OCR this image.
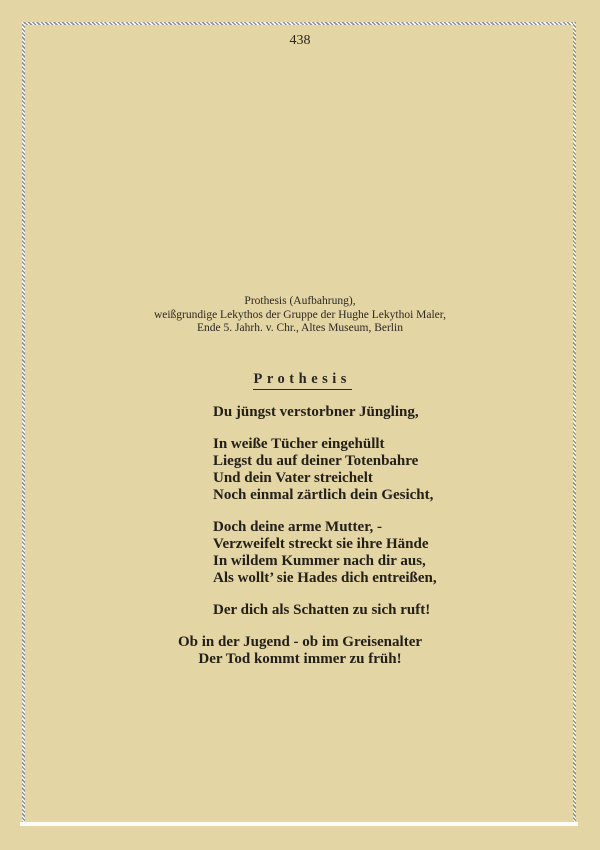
438
Prothesis (Aufbahrung),
weißgrundige Lekythos der Gruppe der Hughe Lekythoi Maler,
Ende 5. Jahrh. v. Chr., Altes Museum, Berlin
Prothesis
Du jüngst verstorbner Jüngling,
In weiße Tücher eingehüllt
Liegst du auf deiner Totenbahre
Und dein Vater streichelt
Noch einmal zärtlich dein Gesicht,
Doch deine arme Mutter, -
Verzweifelt streckt sie ihre Hände
In wildem Kummer nach dir aus,
Als wollt’ sie Hades dich entreißen,
Der dich als Schatten zu sich ruft!
Ob in der Jugend - ob im Greisenalter
Der Tod kommt immer zu früh!
